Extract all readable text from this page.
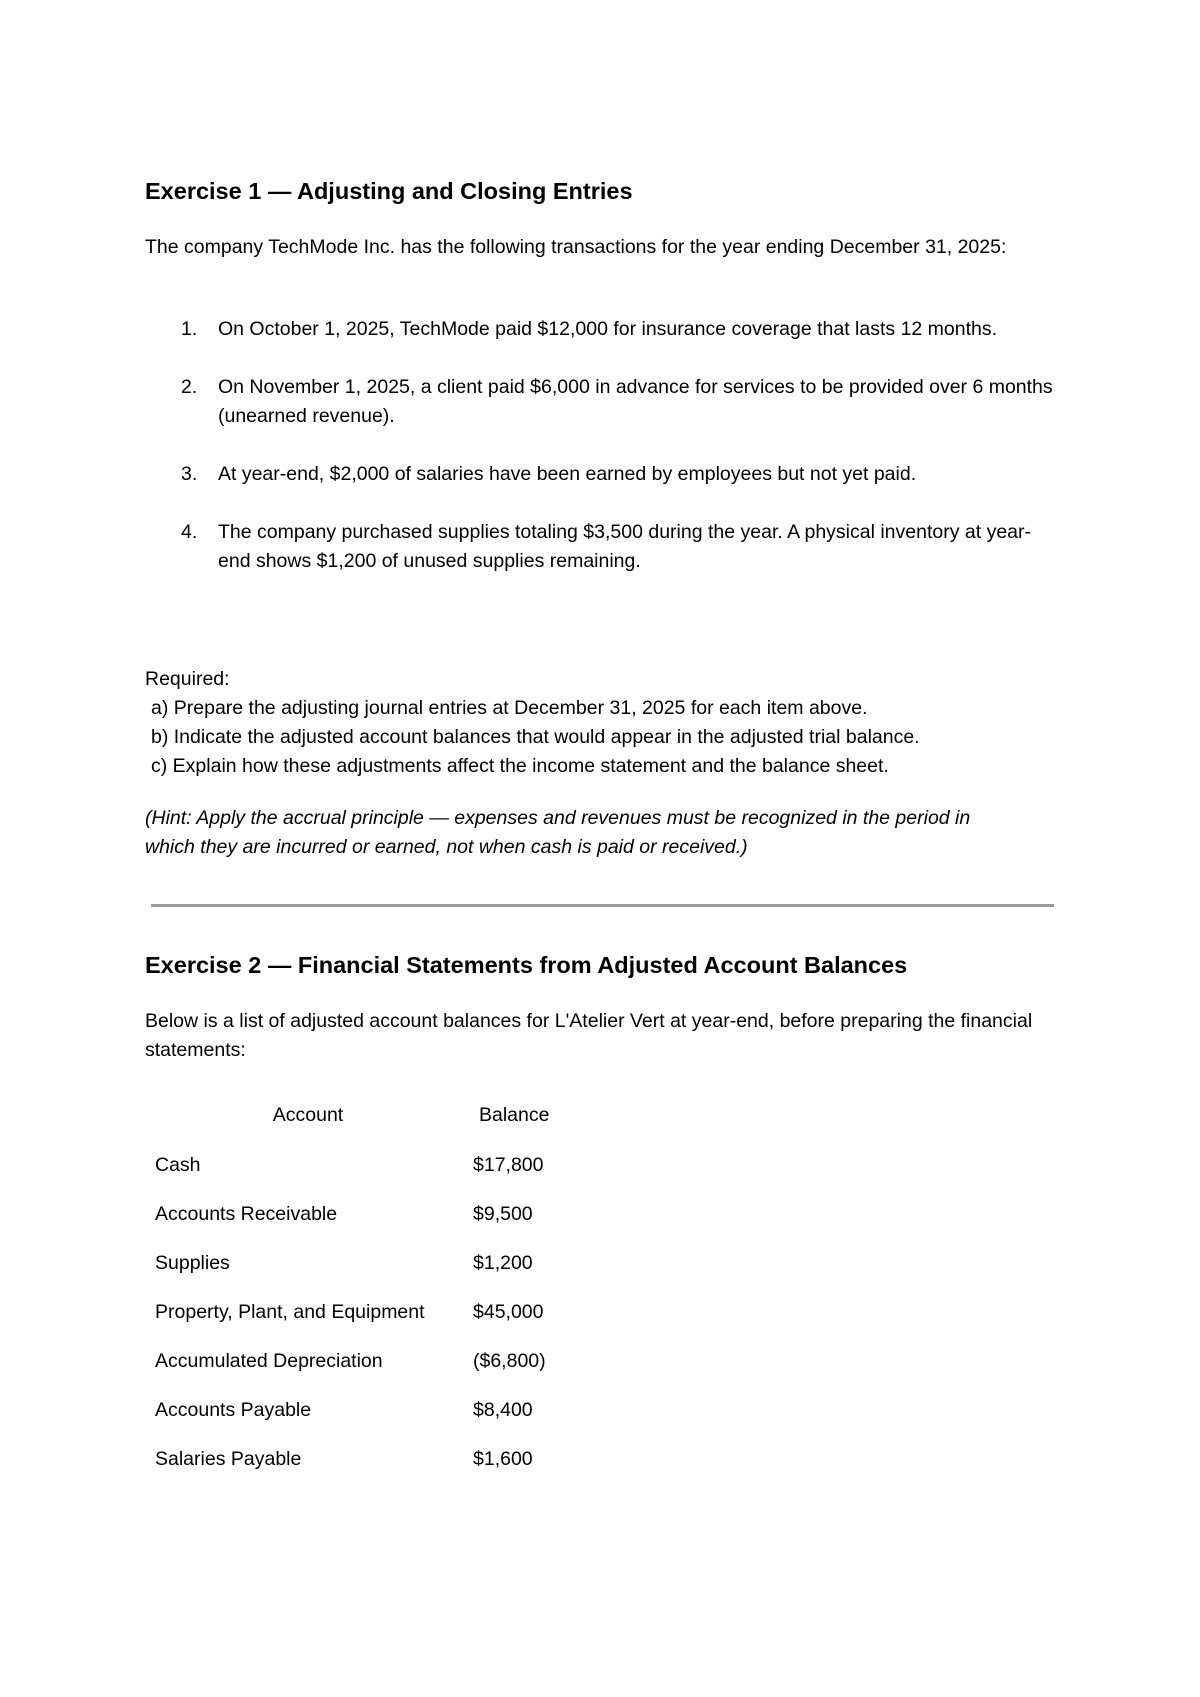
Exercise 1 — Adjusting and Closing Entries

The company TechMode Inc. has the following transactions for the year ending December 31, 2025:

1. On October 1, 2025, TechMode paid $12,000 for insurance coverage that lasts 12 months.
2. On November 1, 2025, a client paid $6,000 in advance for services to be provided over 6 months (unearned revenue).
3. At year-end, $2,000 of salaries have been earned by employees but not yet paid.
4. The company purchased supplies totaling $3,500 during the year. A physical inventory at year-end shows $1,200 of unused supplies remaining.
Required:
a) Prepare the adjusting journal entries at December 31, 2025 for each item above.
b) Indicate the adjusted account balances that would appear in the adjusted trial balance.
c) Explain how these adjustments affect the income statement and the balance sheet.

(Hint: Apply the accrual principle — expenses and revenues must be recognized in the period in which they are incurred or earned, not when cash is paid or received.)

Exercise 2 — Financial Statements from Adjusted Account Balances

Below is a list of adjusted account balances for L'Atelier Vert at year-end, before preparing the financial statements:

Account	Balance
Cash	$17,800
Accounts Receivable	$9,500
Supplies	$1,200
Property, Plant, and Equipment	$45,000
Accumulated Depreciation	($6,800)
Accounts Payable	$8,400
Salaries Payable	$1,600
